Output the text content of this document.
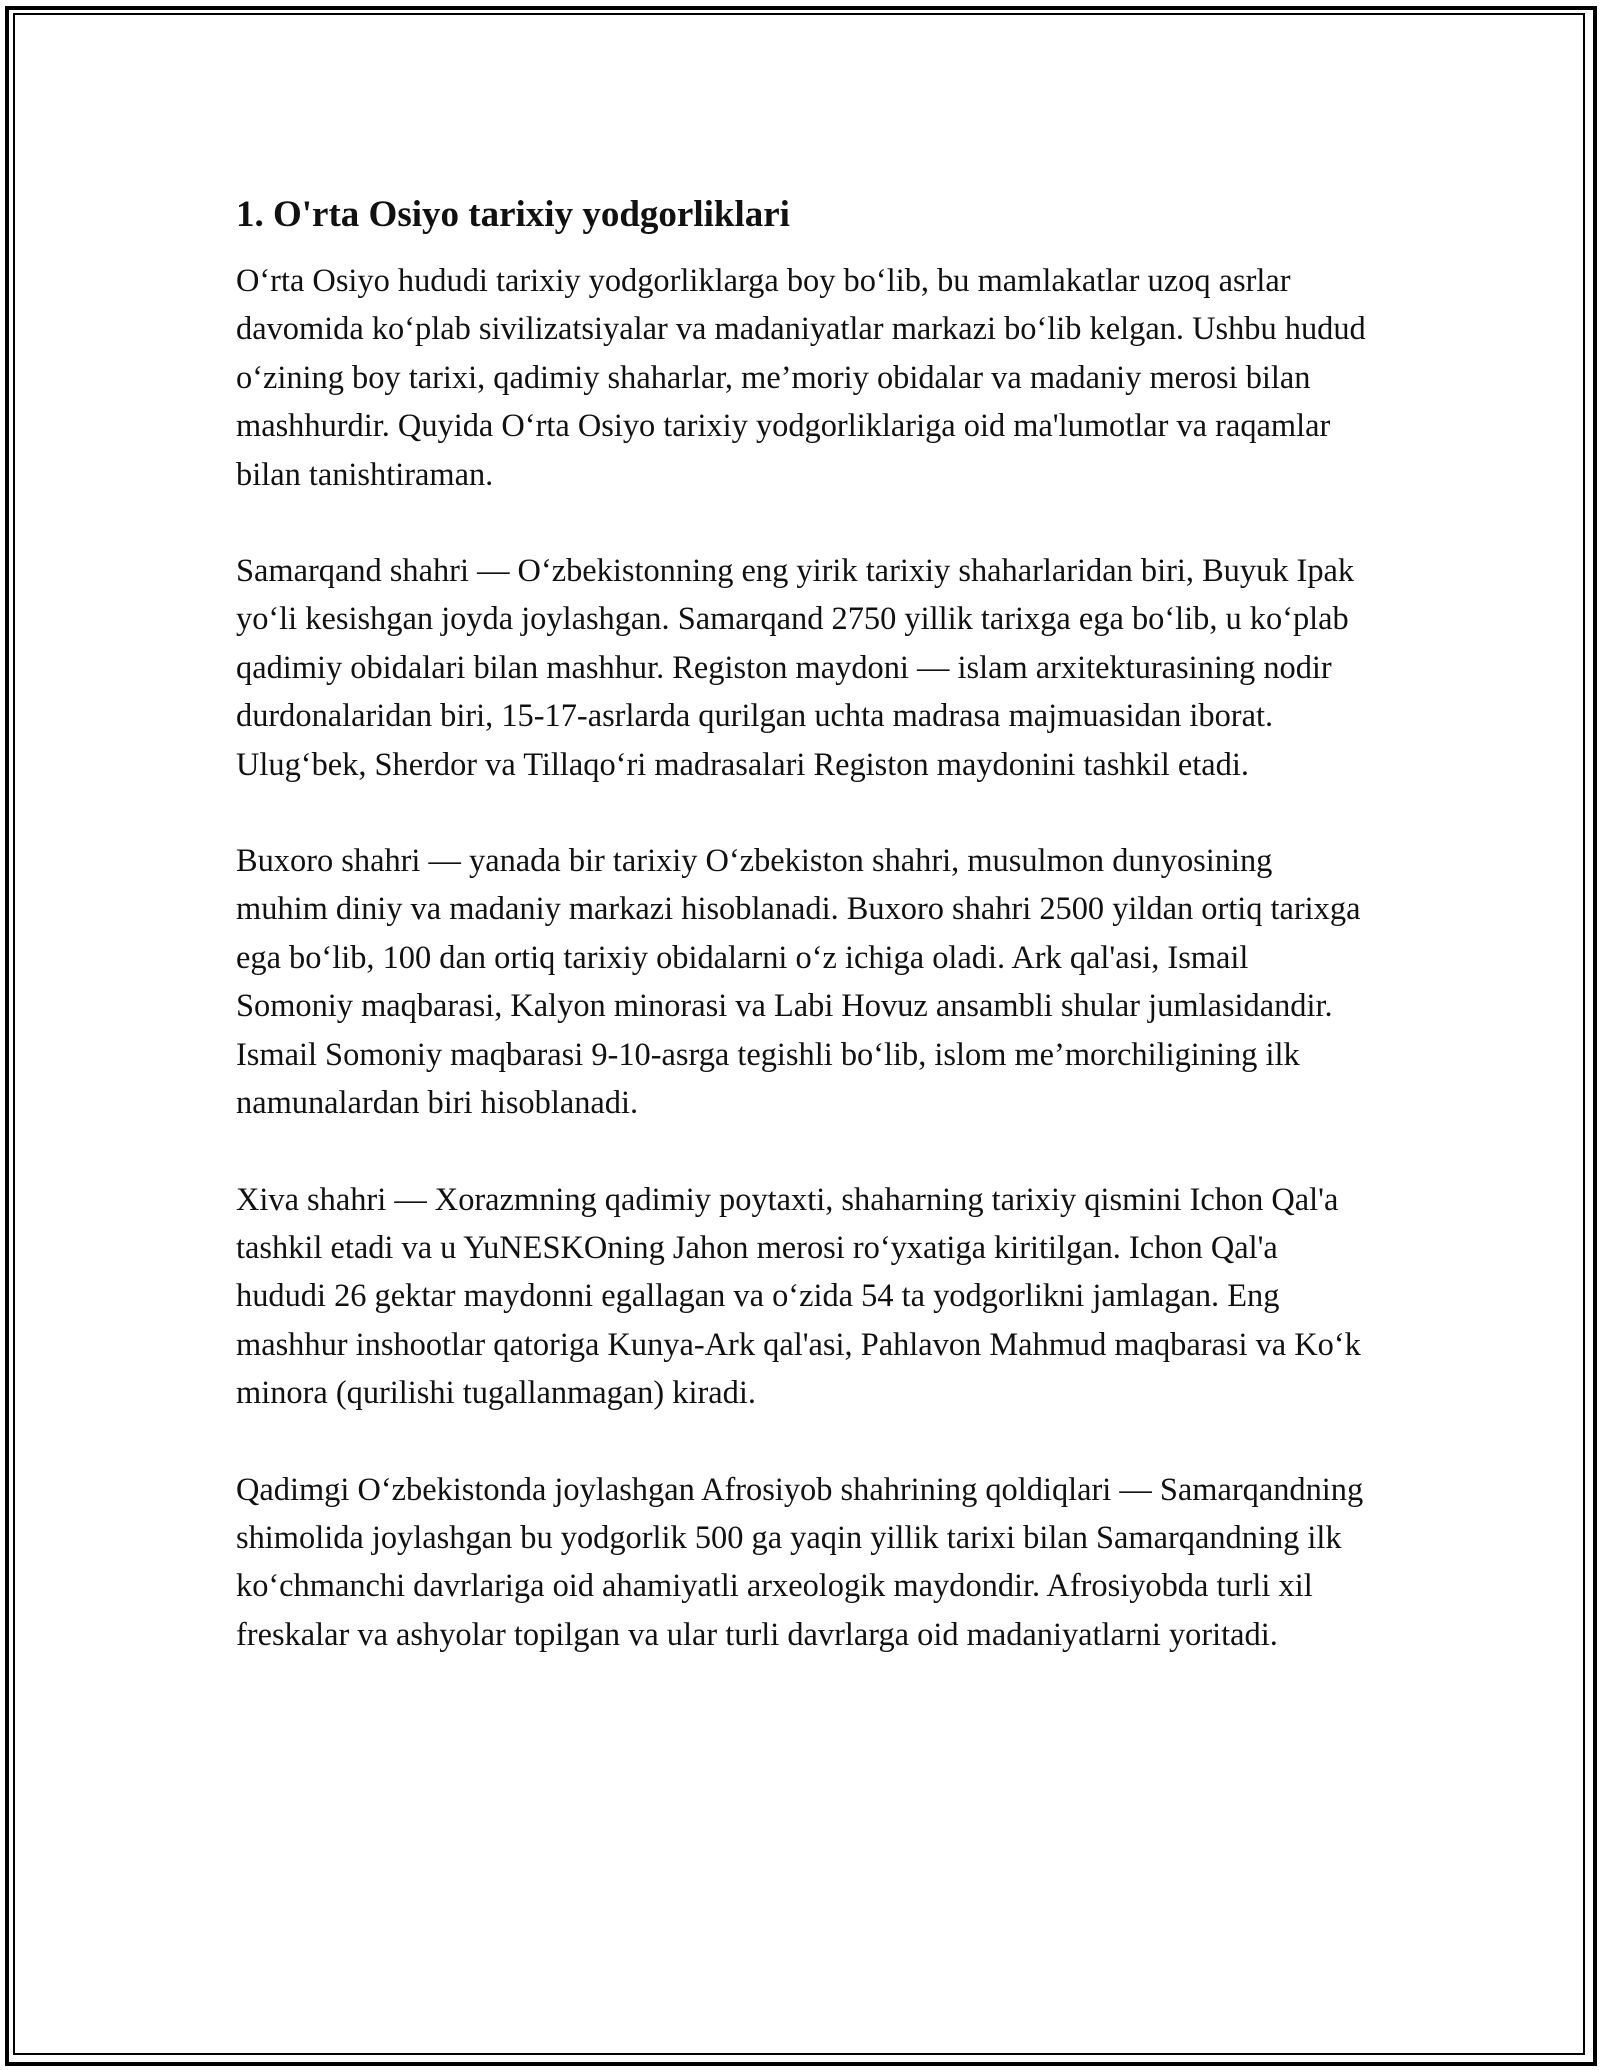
1. O'rta Osiyo tarixiy yodgorliklari

O‘rta Osiyo hududi tarixiy yodgorliklarga boy bo‘lib, bu mamlakatlar uzoq asrlar davomida ko‘plab sivilizatsiyalar va madaniyatlar markazi bo‘lib kelgan. Ushbu hudud o‘zining boy tarixi, qadimiy shaharlar, me’moriy obidalar va madaniy merosi bilan mashhurdir. Quyida O‘rta Osiyo tarixiy yodgorliklariga oid ma'lumotlar va raqamlar bilan tanishtiraman.

Samarqand shahri — O‘zbekistonning eng yirik tarixiy shaharlaridan biri, Buyuk Ipak yo‘li kesishgan joyda joylashgan. Samarqand 2750 yillik tarixga ega bo‘lib, u ko‘plab qadimiy obidalari bilan mashhur. Registon maydoni — islam arxitekturasining nodir durdonalaridan biri, 15-17-asrlarda qurilgan uchta madrasa majmuasidan iborat. Ulug‘bek, Sherdor va Tillaqo‘ri madrasalari Registon maydonini tashkil etadi.

Buxoro shahri — yanada bir tarixiy O‘zbekiston shahri, musulmon dunyosining muhim diniy va madaniy markazi hisoblanadi. Buxoro shahri 2500 yildan ortiq tarixga ega bo‘lib, 100 dan ortiq tarixiy obidalarni o‘z ichiga oladi. Ark qal'asi, Ismail Somoniy maqbarasi, Kalyon minorasi va Labi Hovuz ansambli shular jumlasidandir. Ismail Somoniy maqbarasi 9-10-asrga tegishli bo‘lib, islom me’morchiligining ilk namunalardan biri hisoblanadi.

Xiva shahri — Xorazmning qadimiy poytaxti, shaharning tarixiy qismini Ichon Qal'a tashkil etadi va u YuNESKOning Jahon merosi ro‘yxatiga kiritilgan. Ichon Qal'a hududi 26 gektar maydonni egallagan va o‘zida 54 ta yodgorlikni jamlagan. Eng mashhur inshootlar qatoriga Kunya-Ark qal'asi, Pahlavon Mahmud maqbarasi va Ko‘k minora (qurilishi tugallanmagan) kiradi.

Qadimgi O‘zbekistonda joylashgan Afrosiyob shahrining qoldiqlari — Samarqandning shimolida joylashgan bu yodgorlik 500 ga yaqin yillik tarixi bilan Samarqandning ilk ko‘chmanchi davrlariga oid ahamiyatli arxeologik maydondir. Afrosiyobda turli xil freskalar va ashyolar topilgan va ular turli davrlarga oid madaniyatlarni yoritadi.
